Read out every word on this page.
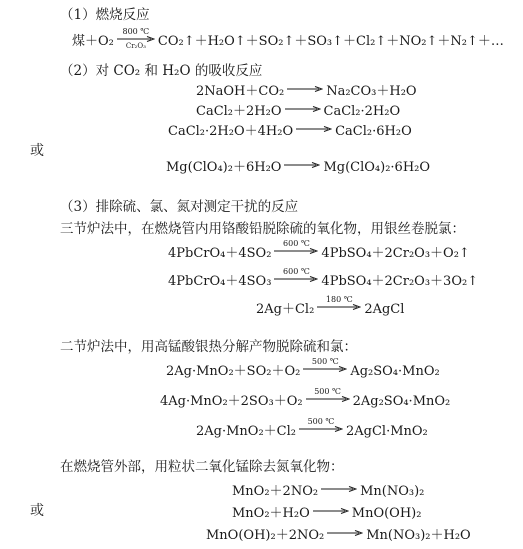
（1）燃烧反应
煤＋O₂
800 ℃
Cr₂O₃ CO₂↑＋H₂O↑＋SO₂↑＋SO₃↑＋Cl₂↑＋NO₂↑＋N₂↑＋…
（2）对 CO₂ 和 H₂O 的吸收反应
2NaOH＋CO₂ → Na₂CO₃＋H₂O
CaCl₂＋2H₂O → CaCl₂·2H₂O
CaCl₂·2H₂O＋4H₂O → CaCl₂·6H₂O
或
Mg(ClO₄)₂＋6H₂O → Mg(ClO₄)₂·6H₂O
（3）排除硫、氯、氮对测定干扰的反应
三节炉法中，在燃烧管内用铬酸铅脱除硫的氧化物，用银丝卷脱氯：
4PbCrO₄＋4SO₂
600 ℃
4PbSO₄＋2Cr₂O₃＋O₂↑
4PbCrO₄＋4SO₃
600 ℃
4PbSO₄＋2Cr₂O₃＋3O₂↑
2Ag＋Cl₂
180 ℃
2AgCl
二节炉法中，用高锰酸银热分解产物脱除硫和氯：
2Ag·MnO₂＋SO₂＋O₂
500 ℃
Ag₂SO₄·MnO₂
4Ag·MnO₂＋2SO₃＋O₂
500 ℃
2Ag₂SO₄·MnO₂
2Ag·MnO₂＋Cl₂
500 ℃
2AgCl·MnO₂
在燃烧管外部，用粒状二氧化锰除去氮氧化物：
MnO₂＋2NO₂ → Mn(NO₃)₂
或	MnO₂＋H₂O → MnO(OH)₂
MnO(OH)₂＋2NO₂ → Mn(NO₃)₂＋H₂O
